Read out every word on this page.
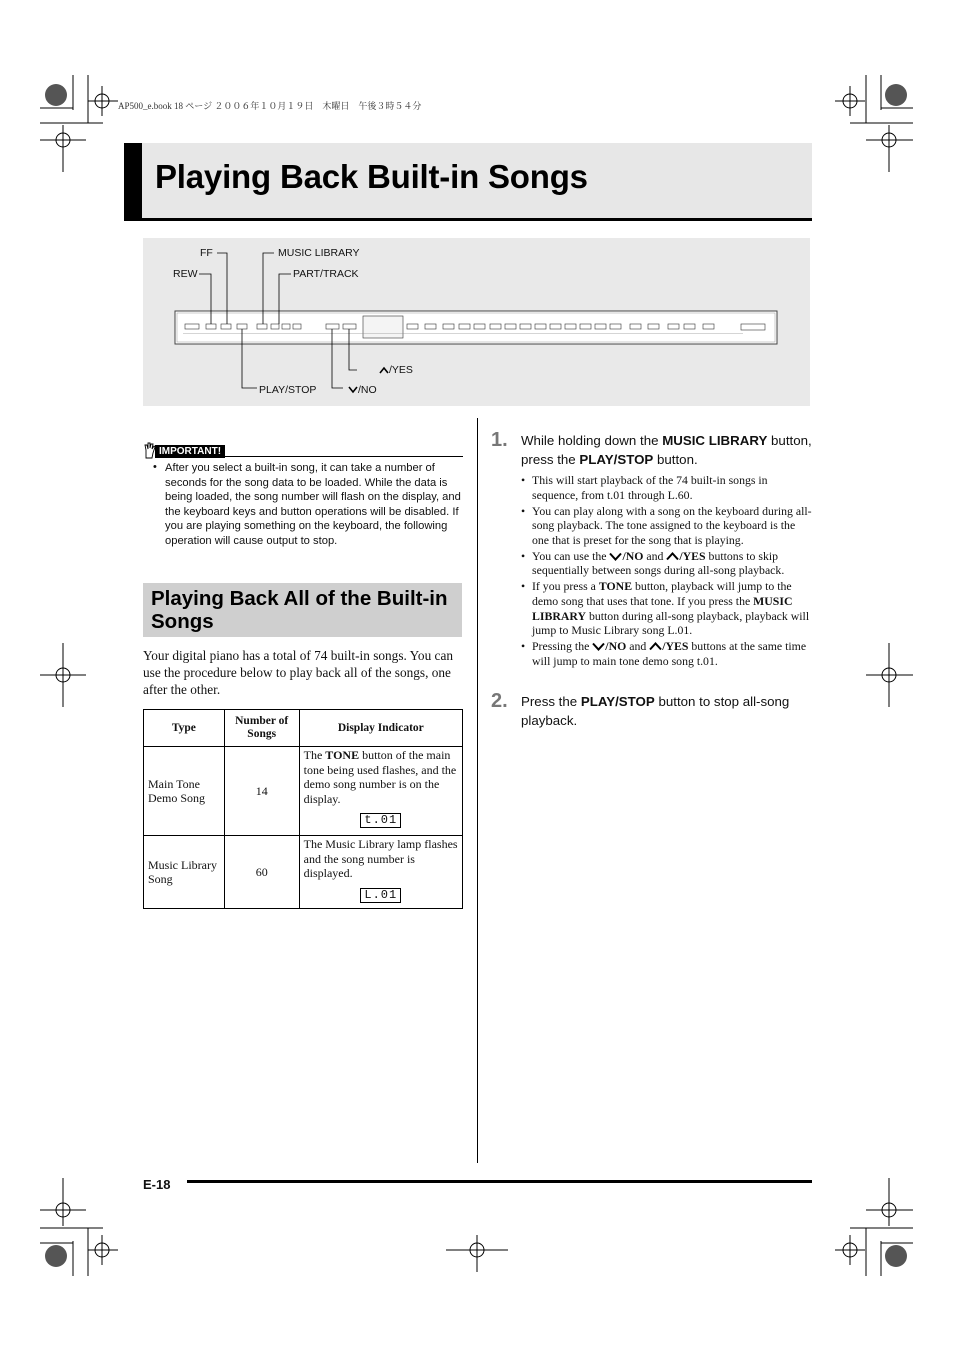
AP500_e.book 18 ページ ２００６年１０月１９日　木曜日　午後３時５４分
Playing Back Built-in Songs
FF
REW
MUSIC LIBRARY
PART/TRACK
/YES
PLAY/STOP	/NO
IMPORTANT!
• After you select a built-in song, it can take a number of seconds for the song data to be loaded. While the data is being loaded, the song number will flash on the display, and the keyboard keys and button operations will be disabled. If you are playing something on the keyboard, the following operation will cause output to stop.
Playing Back All of the Built-in Songs
Your digital piano has a total of 74 built-in songs. You can use the procedure below to play back all of the songs, one after the other.
Type	Number of Songs	Display Indicator
Main Tone Demo Song	14	The TONE button of the main tone being used flashes, and the demo song number is on the display.
t.01

Music Library Song	60	The Music Library lamp flashes and the song number is displayed.
L.01
1. While holding down the MUSIC LIBRARY button, press the PLAY/STOP button.
• This will start playback of the 74 built-in songs in sequence, from t.01 through L.60.
• You can play along with a song on the keyboard during all-song playback. The tone assigned to the keyboard is the one that is preset for the song that is playing.
• You can use the /NO and /YES buttons to skip sequentially between songs during all-song playback.
• If you press a TONE button, playback will jump to the demo song that uses that tone. If you press the MUSIC LIBRARY button during all-song playback, playback will jump to Music Library song L.01.
• Pressing the /NO and /YES buttons at the same time will jump to main tone demo song t.01.
2. Press the PLAY/STOP button to stop all-song playback.
E-18
